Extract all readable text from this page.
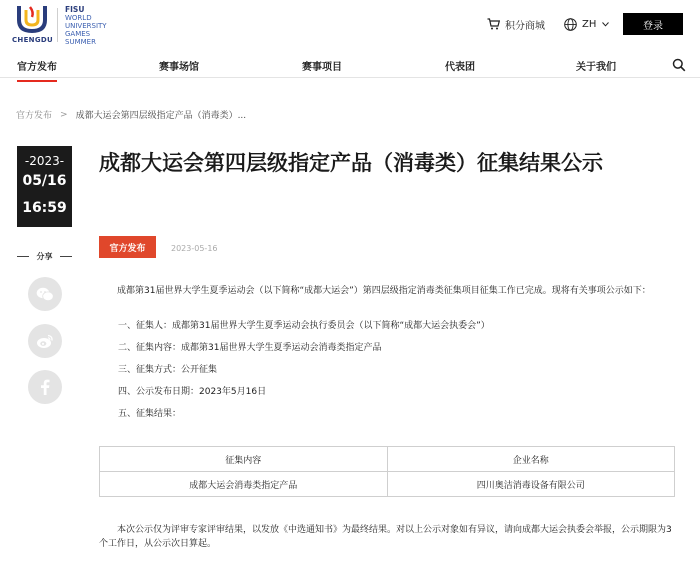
CHENGDU
FISU
WORLD
UNIVERSITY
GAMES
SUMMER
积分商城	ZH	登录
官方发布	赛事场馆	赛事项目	代表团	关于我们
官方发布 > 成都大运会第四层级指定产品（消毒类）...
-2023-
05/16
16:59
分享
成都大运会第四层级指定产品（消毒类）征集结果公示
官方发布	2023-05-16

成都第31届世界大学生夏季运动会（以下简称“成都大运会”）第四层级指定消毒类征集项目征集工作已完成。现将有关事项公示如下：

一、征集人：成都第31届世界大学生夏季运动会执行委员会（以下简称“成都大运会执委会”）

二、征集内容：成都第31届世界大学生夏季运动会消毒类指定产品

三、征集方式：公开征集

四、公示发布日期：2023年5月16日

五、征集结果：

征集内容	企业名称
成都大运会消毒类指定产品	四川奥洁消毒设备有限公司

本次公示仅为评审专家评审结果，以发放《中选通知书》为最终结果。对以上公示对象如有异议，请向成都大运会执委会举报，公示期限为3个工作日，从公示次日算起。
